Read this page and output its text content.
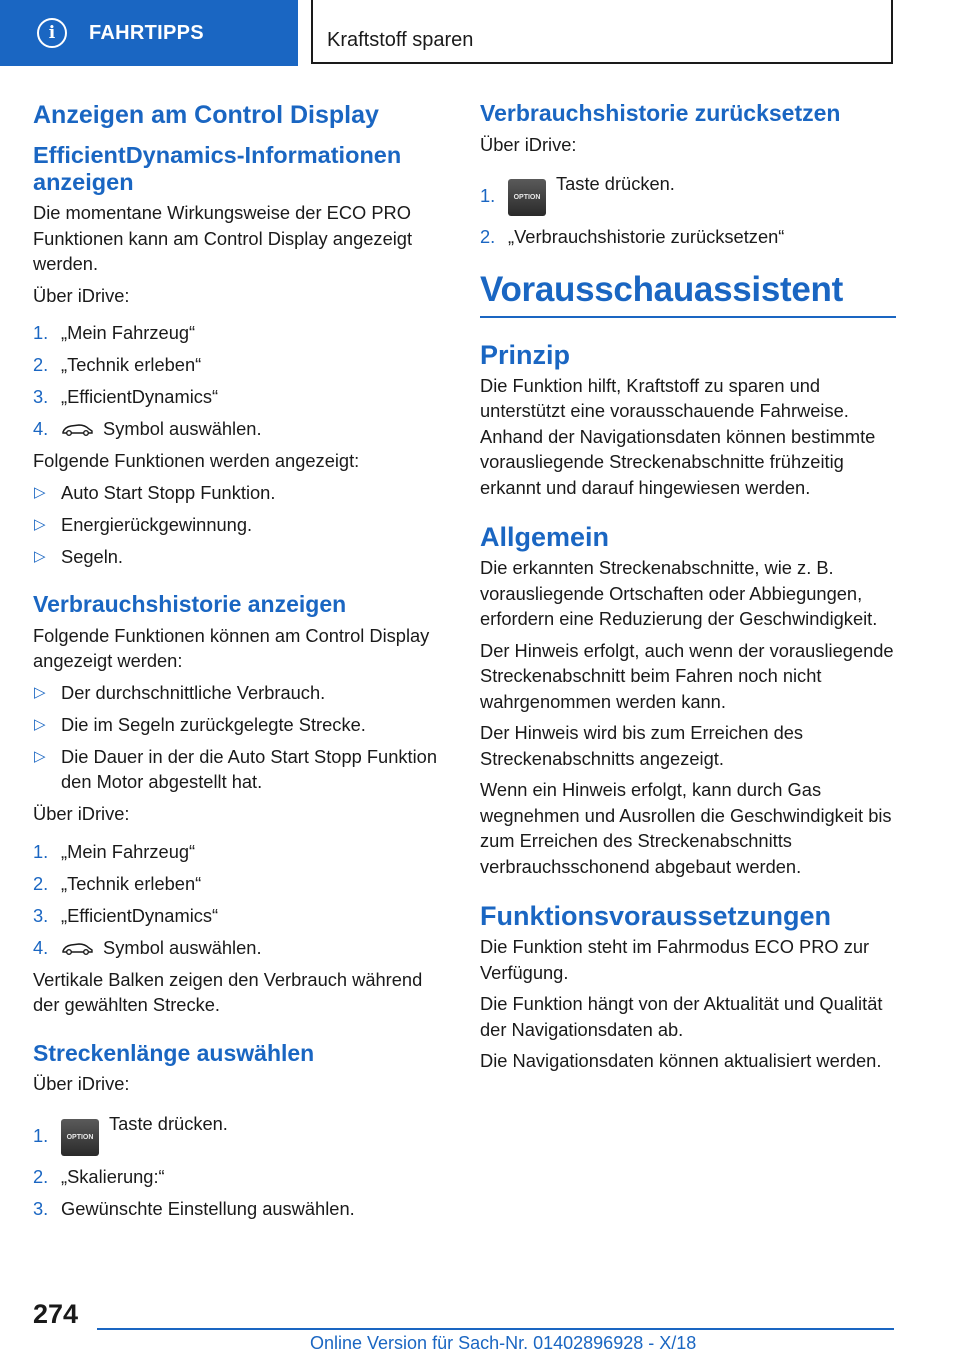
i	FAHRTIPPS	Kraftstoff sparen
Anzeigen am Control Display
EfficientDynamics-Informationen anzeigen

Die momentane Wirkungsweise der ECO PRO Funktionen kann am Control Display angezeigt werden.

Über iDrive:

1. „Mein Fahrzeug“
2. „Technik erleben“
3. „EfficientDynamics“
4.	Symbol auswählen.

Folgende Funktionen werden angezeigt:

▷ Auto Start Stopp Funktion.
▷ Energierückgewinnung.
▷ Segeln.
Verbrauchshistorie anzeigen

Folgende Funktionen können am Control Display angezeigt werden:

▷ Der durchschnittliche Verbrauch.
▷ Die im Segeln zurückgelegte Strecke.
▷ Die Dauer in der die Auto Start Stopp Funktion den Motor abgestellt hat.

Über iDrive:

1. „Mein Fahrzeug“
2. „Technik erleben“
3. „EfficientDynamics“
4.	Symbol auswählen.

Vertikale Balken zeigen den Verbrauch während der gewählten Strecke.

Streckenlänge auswählen

Über iDrive:

1.	OPTIONTaste drücken.
2. „Skalierung:“
3. Gewünschte Einstellung auswählen.
Verbrauchshistorie zurücksetzen

Über iDrive:

1.	OPTIONTaste drücken.
2. „Verbrauchshistorie zurücksetzen“
Vorausschauassistent
Prinzip

Die Funktion hilft, Kraftstoff zu sparen und unterstützt eine vorausschauende Fahrweise. Anhand der Navigationsdaten können bestimmte vorausliegende Streckenabschnitte frühzeitig erkannt und darauf hingewiesen werden.

Allgemein

Die erkannten Streckenabschnitte, wie z. B. vorausliegende Ortschaften oder Abbiegungen, erfordern eine Reduzierung der Geschwindigkeit.

Der Hinweis erfolgt, auch wenn der vorausliegende Streckenabschnitt beim Fahren noch nicht wahrgenommen werden kann.

Der Hinweis wird bis zum Erreichen des Streckenabschnitts angezeigt.

Wenn ein Hinweis erfolgt, kann durch Gas wegnehmen und Ausrollen die Geschwindigkeit bis zum Erreichen des Streckenabschnitts verbrauchsschonend abgebaut werden.

Funktionsvoraussetzungen

Die Funktion steht im Fahrmodus ECO PRO zur Verfügung.

Die Funktion hängt von der Aktualität und Qualität der Navigationsdaten ab.

Die Navigationsdaten können aktualisiert werden.

274
Online Version für Sach-Nr. 01402896928 - X/18
